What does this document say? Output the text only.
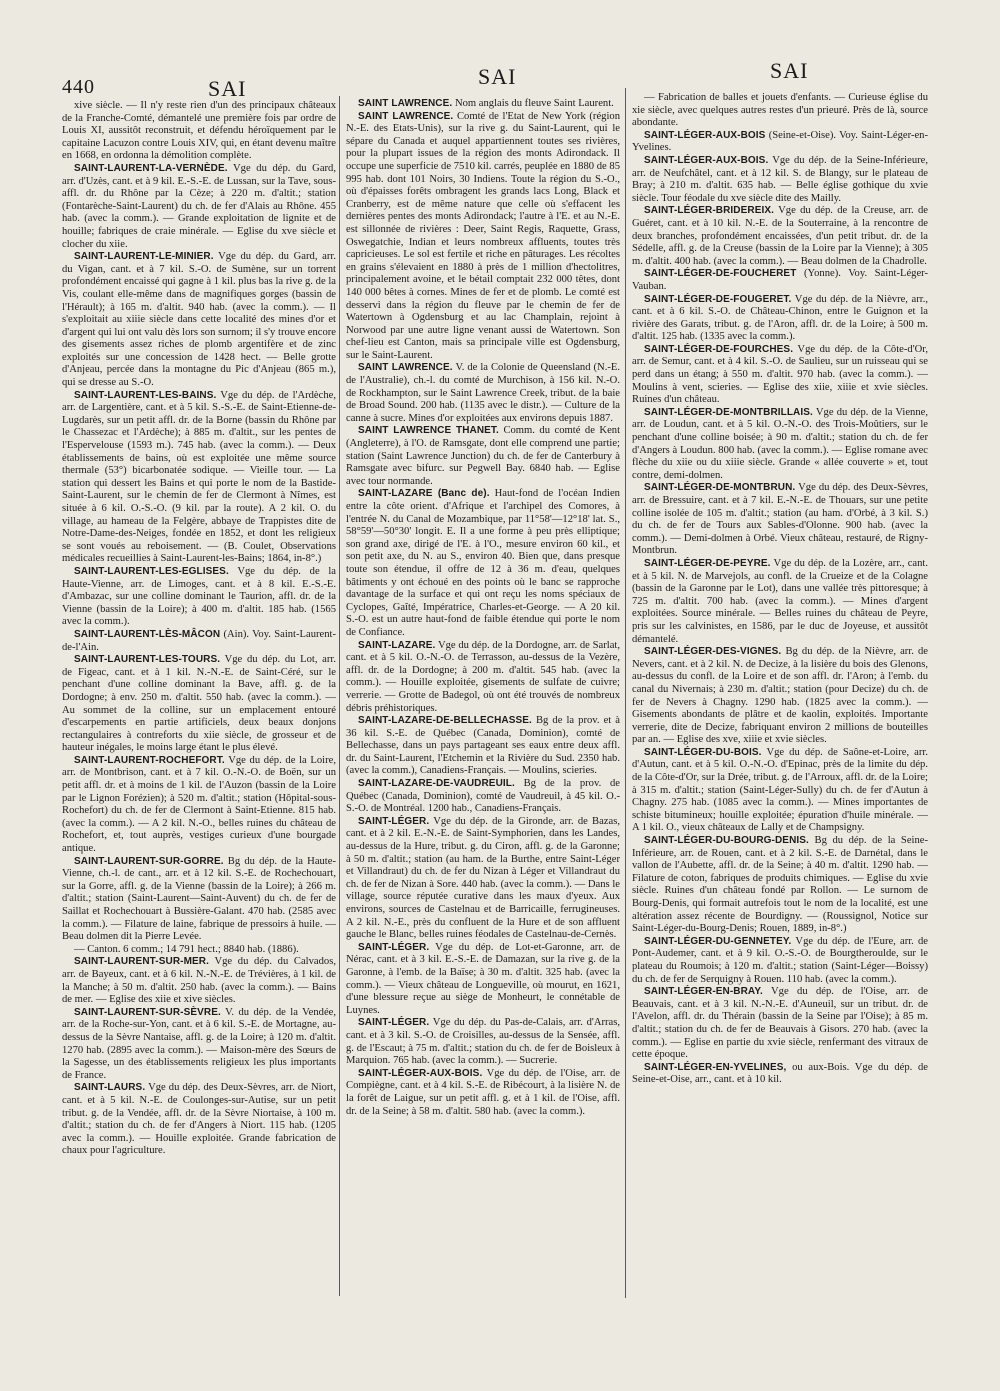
440	SAI	SAI	SAI

xive siècle. — Il n'y reste rien d'un des principaux châteaux de la Franche-Comté, démantelé une première fois par ordre de Louis XI, aussitôt reconstruit, et défendu héroïquement par le capitaine Lacuzon contre Louis XIV, qui, en étant devenu maître en 1668, en ordonna la démolition complète.

SAINT-LAURENT-LA-VERNÈDE. Vge du dép. du Gard, arr. d'Uzès, cant. et à 9 kil. E.-S.-E. de Lussan, sur la Tave, sous-affl. dr. du Rhône par la Cèze; à 220 m. d'altit.; station (Fontarèche-Saint-Laurent) du ch. de fer d'Alais au Rhône. 455 hab. (avec la comm.). — Grande exploitation de lignite et de houille; fabriques de craie minérale. — Eglise du xve siècle et clocher du xiie.

SAINT-LAURENT-LE-MINIER. Vge du dép. du Gard, arr. du Vigan, cant. et à 7 kil. S.-O. de Sumène, sur un torrent profondément encaissé qui gagne à 1 kil. plus bas la rive g. de la Vis, coulant elle-même dans de magnifiques gorges (bassin de l'Hérault); à 165 m. d'altit. 940 hab. (avec la comm.). — Il s'exploitait au xiiie siècle dans cette localité des mines d'or et d'argent qui lui ont valu dès lors son surnom; il s'y trouve encore des gisements assez riches de plomb argentifère et de zinc exploités sur une concession de 1428 hect. — Belle grotte d'Anjeau, percée dans la montagne du Pic d'Anjeau (865 m.), qui se dresse au S.-O.

SAINT-LAURENT-LES-BAINS. Vge du dép. de l'Ardèche, arr. de Largentière, cant. et à 5 kil. S.-S.-E. de Saint-Etienne-de-Lugdarès, sur un petit affl. dr. de la Borne (bassin du Rhône par le Chassezac et l'Ardèche); à 885 m. d'altit., sur les pentes de l'Espervelouse (1593 m.). 745 hab. (avec la comm.). — Deux établissements de bains, où est exploitée une même source thermale (53°) bicarbonatée sodique. — Vieille tour. — La station qui dessert les Bains et qui porte le nom de la Bastide-Saint-Laurent, sur le chemin de fer de Clermont à Nîmes, est située à 6 kil. O.-S.-O. (9 kil. par la route). A 2 kil. O. du village, au hameau de la Felgère, abbaye de Trappistes dite de Notre-Dame-des-Neiges, fondée en 1852, et dont les religieux se sont voués au reboisement. — (B. Coulet, Observations médicales recueillies à Saint-Laurent-les-Bains; 1864, in-8°.)

SAINT-LAURENT-LES-EGLISES. Vge du dép. de la Haute-Vienne, arr. de Limoges, cant. et à 8 kil. E.-S.-E. d'Ambazac, sur une colline dominant le Taurion, affl. dr. de la Vienne (bassin de la Loire); à 400 m. d'altit. 185 hab. (1565 avec la comm.).

SAINT-LAURENT-LÈS-MÂCON (Ain). Voy. Saint-Laurent-de-l'Ain.

SAINT-LAURENT-LES-TOURS. Vge du dép. du Lot, arr. de Figeac, cant. et à 1 kil. N.-N.-E. de Saint-Céré, sur le penchant d'une colline dominant la Bave, affl. g. de la Dordogne; à env. 250 m. d'altit. 550 hab. (avec la comm.). — Au sommet de la colline, sur un emplacement entouré d'escarpements en partie artificiels, deux beaux donjons rectangulaires à contreforts du xiie siècle, de grosseur et de hauteur inégales, le moins large étant le plus élevé.

SAINT-LAURENT-ROCHEFORT. Vge du dép. de la Loire, arr. de Montbrison, cant. et à 7 kil. O.-N.-O. de Boën, sur un petit affl. dr. et à moins de 1 kil. de l'Auzon (bassin de la Loire par le Lignon Forézien); à 520 m. d'altit.; station (Hôpital-sous-Rochefort) du ch. de fer de Clermont à Saint-Etienne. 815 hab. (avec la comm.). — A 2 kil. N.-O., belles ruines du château de Rochefort, et, tout auprès, vestiges curieux d'une bourgade antique.

SAINT-LAURENT-SUR-GORRE. Bg du dép. de la Haute-Vienne, ch.-l. de cant., arr. et à 12 kil. S.-E. de Rochechouart, sur la Gorre, affl. g. de la Vienne (bassin de la Loire); à 266 m. d'altit.; station (Saint-Laurent—Saint-Auvent) du ch. de fer de Saillat et Rochechouart à Bussière-Galant. 470 hab. (2585 avec la comm.). — Filature de laine, fabrique de pressoirs à huile. — Beau dolmen dit la Pierre Levée.

— Canton. 6 comm.; 14 791 hect.; 8840 hab. (1886).

SAINT-LAURENT-SUR-MER. Vge du dép. du Calvados, arr. de Bayeux, cant. et à 6 kil. N.-N.-E. de Trévières, à 1 kil. de la Manche; à 50 m. d'altit. 250 hab. (avec la comm.). — Bains de mer. — Eglise des xiie et xive siècles.

SAINT-LAURENT-SUR-SÈVRE. V. du dép. de la Vendée, arr. de la Roche-sur-Yon, cant. et à 6 kil. S.-E. de Mortagne, au-dessus de la Sèvre Nantaise, affl. g. de la Loire; à 120 m. d'altit. 1270 hab. (2895 avec la comm.). — Maison-mère des Sœurs de la Sagesse, un des établissements religieux les plus importants de France.

SAINT-LAURS. Vge du dép. des Deux-Sèvres, arr. de Niort, cant. et à 5 kil. N.-E. de Coulonges-sur-Autise, sur un petit tribut. g. de la Vendée, affl. dr. de la Sèvre Niortaise, à 100 m. d'altit.; station du ch. de fer d'Angers à Niort. 115 hab. (1205 avec la comm.). — Houille exploitée. Grande fabrication de chaux pour l'agriculture.

SAINT LAWRENCE. Nom anglais du fleuve Saint Laurent.

SAINT LAWRENCE. Comté de l'Etat de New York (région N.-E. des Etats-Unis), sur la rive g. du Saint-Laurent, qui le sépare du Canada et auquel appartiennent toutes ses rivières, pour la plupart issues de la région des monts Adirondack. Il occupe une superficie de 7510 kil. carrés, peuplée en 1880 de 85 995 hab. dont 101 Noirs, 30 Indiens. Toute la région du S.-O., où d'épaisses forêts ombragent les grands lacs Long, Black et Cranberry, est de même nature que celle où s'effacent les dernières pentes des monts Adirondack; l'autre à l'E. et au N.-E. est sillonnée de rivières : Deer, Saint Regis, Raquette, Grass, Oswegatchie, Indian et leurs nombreux affluents, toutes très capricieuses. Le sol est fertile et riche en pâturages. Les récoltes en grains s'élevaient en 1880 à près de 1 million d'hectolitres, principalement avoine, et le bétail comptait 232 000 têtes, dont 140 000 bêtes à cornes. Mines de fer et de plomb. Le comté est desservi dans la région du fleuve par le chemin de fer de Watertown à Ogdensburg et au lac Champlain, rejoint à Norwood par une autre ligne venant aussi de Watertown. Son chef-lieu est Canton, mais sa principale ville est Ogdensburg, sur le Saint-Laurent.

SAINT LAWRENCE. V. de la Colonie de Queensland (N.-E. de l'Australie), ch.-l. du comté de Murchison, à 156 kil. N.-O. de Rockhampton, sur le Saint Lawrence Creek, tribut. de la baie de Broad Sound. 200 hab. (1135 avec le distr.). — Culture de la canne à sucre. Mines d'or exploitées aux environs depuis 1887.

SAINT LAWRENCE THANET. Comm. du comté de Kent (Angleterre), à l'O. de Ramsgate, dont elle comprend une partie; station (Saint Lawrence Junction) du ch. de fer de Canterbury à Ramsgate avec bifurc. sur Pegwell Bay. 6840 hab. — Eglise avec tour normande.

SAINT-LAZARE (Banc de). Haut-fond de l'océan Indien entre la côte orient. d'Afrique et l'archipel des Comores, à l'entrée N. du Canal de Mozambique, par 11°58'—12°18' lat. S., 58°59'—50°30' longit. E. Il a une forme à peu près elliptique; son grand axe, dirigé de l'E. à l'O., mesure environ 60 kil., et son petit axe, du N. au S., environ 40. Bien que, dans presque toute son étendue, il offre de 12 à 36 m. d'eau, quelques bâtiments y ont échoué en des points où le banc se rapproche davantage de la surface et qui ont reçu les noms spéciaux de Cyclopes, Gaîté, Impératrice, Charles-et-George. — A 20 kil. S.-O. est un autre haut-fond de faible étendue qui porte le nom de Confiance.

SAINT-LAZARE. Vge du dép. de la Dordogne, arr. de Sarlat, cant. et à 5 kil. O.-N.-O. de Terrasson, au-dessus de la Vezère, affl. dr. de la Dordogne; à 200 m. d'altit. 545 hab. (avec la comm.). — Houille exploitée, gisements de sulfate de cuivre; verrerie. — Grotte de Badegol, où ont été trouvés de nombreux débris préhistoriques.

SAINT-LAZARE-DE-BELLECHASSE. Bg de la prov. et à 36 kil. S.-E. de Québec (Canada, Dominion), comté de Bellechasse, dans un pays partageant ses eaux entre deux affl. dr. du Saint-Laurent, l'Etchemin et la Rivière du Sud. 2350 hab. (avec la comm.), Canadiens-Français. — Moulins, scieries.

SAINT-LAZARE-DE-VAUDREUIL. Bg de la prov. de Québec (Canada, Dominion), comté de Vaudreuil, à 45 kil. O.-S.-O. de Montréal. 1200 hab., Canadiens-Français.

SAINT-LÉGER. Vge du dép. de la Gironde, arr. de Bazas, cant. et à 2 kil. E.-N.-E. de Saint-Symphorien, dans les Landes, au-dessus de la Hure, tribut. g. du Ciron, affl. g. de la Garonne; à 50 m. d'altit.; station (au ham. de la Burthe, entre Saint-Léger et Villandraut) du ch. de fer du Nizan à Léger et Villandraut du ch. de fer de Nizan à Sore. 440 hab. (avec la comm.). — Dans le village, source réputée curative dans les maux d'yeux. Aux environs, sources de Castelnau et de Barricaille, ferrugineuses. A 2 kil. N.-E., près du confluent de la Hure et de son affluent gauche le Blanc, belles ruines féodales de Castelnau-de-Cernès.

SAINT-LÉGER. Vge du dép. de Lot-et-Garonne, arr. de Nérac, cant. et à 3 kil. E.-S.-E. de Damazan, sur la rive g. de la Garonne, à l'emb. de la Baïse; à 30 m. d'altit. 325 hab. (avec la comm.). — Vieux château de Longueville, où mourut, en 1621, d'une blessure reçue au siège de Monheurt, le connétable de Luynes.

SAINT-LÉGER. Vge du dép. du Pas-de-Calais, arr. d'Arras, cant. et à 3 kil. S.-O. de Croisilles, au-dessus de la Sensée, affl. g. de l'Escaut; à 75 m. d'altit.; station du ch. de fer de Boisleux à Marquion. 765 hab. (avec la comm.). — Sucrerie.

SAINT-LÉGER-AUX-BOIS. Vge du dép. de l'Oise, arr. de Compiègne, cant. et à 4 kil. S.-E. de Ribécourt, à la lisière N. de la forêt de Laigue, sur un petit affl. g. et à 1 kil. de l'Oise, affl. dr. de la Seine; à 58 m. d'altit. 580 hab. (avec la comm.).

— Fabrication de balles et jouets d'enfants. — Curieuse église du xie siècle, avec quelques autres restes d'un prieuré. Près de là, source abondante.

SAINT-LÉGER-AUX-BOIS (Seine-et-Oise). Voy. Saint-Léger-en-Yvelines.

SAINT-LÉGER-AUX-BOIS. Vge du dép. de la Seine-Inférieure, arr. de Neufchâtel, cant. et à 12 kil. S. de Blangy, sur le plateau de Bray; à 210 m. d'altit. 635 hab. — Belle église gothique du xvie siècle. Tour féodale du xve siècle dite des Mailly.

SAINT-LÉGER-BRIDEREIX. Vge du dép. de la Creuse, arr. de Guéret, cant. et à 10 kil. N.-E. de la Souterraine, à la rencontre de deux branches, profondément encaissées, d'un petit tribut. dr. de la Sédelle, affl. g. de la Creuse (bassin de la Loire par la Vienne); à 305 m. d'altit. 400 hab. (avec la comm.). — Beau dolmen de la Chadrolle.

SAINT-LÉGER-DE-FOUCHERET (Yonne). Voy. Saint-Léger-Vauban.

SAINT-LÉGER-DE-FOUGERET. Vge du dép. de la Nièvre, arr., cant. et à 6 kil. S.-O. de Château-Chinon, entre le Guignon et la rivière des Garats, tribut. g. de l'Aron, affl. dr. de la Loire; à 500 m. d'altit. 125 hab. (1335 avec la comm.).

SAINT-LÉGER-DE-FOURCHES. Vge du dép. de la Côte-d'Or, arr. de Semur, cant. et à 4 kil. S.-O. de Saulieu, sur un ruisseau qui se perd dans un étang; à 550 m. d'altit. 970 hab. (avec la comm.). — Moulins à vent, scieries. — Eglise des xiie, xiiie et xvie siècles. Ruines d'un château.

SAINT-LÉGER-DE-MONTBRILLAIS. Vge du dép. de la Vienne, arr. de Loudun, cant. et à 5 kil. O.-N.-O. des Trois-Moûtiers, sur le penchant d'une colline boisée; à 90 m. d'altit.; station du ch. de fer d'Angers à Loudun. 800 hab. (avec la comm.). — Eglise romane avec flèche du xiie ou du xiiie siècle. Grande « allée couverte » et, tout contre, demi-dolmen.

SAINT-LÉGER-DE-MONTBRUN. Vge du dép. des Deux-Sèvres, arr. de Bressuire, cant. et à 7 kil. E.-N.-E. de Thouars, sur une petite colline isolée de 105 m. d'altit.; station (au ham. d'Orbé, à 3 kil. S.) du ch. de fer de Tours aux Sables-d'Olonne. 900 hab. (avec la comm.). — Demi-dolmen à Orbé. Vieux château, restauré, de Rigny-Montbrun.

SAINT-LÉGER-DE-PEYRE. Vge du dép. de la Lozère, arr., cant. et à 5 kil. N. de Marvejols, au confl. de la Crueize et de la Colagne (bassin de la Garonne par le Lot), dans une vallée très pittoresque; à 725 m. d'altit. 700 hab. (avec la comm.). — Mines d'argent exploitées. Source minérale. — Belles ruines du château de Peyre, pris sur les calvinistes, en 1586, par le duc de Joyeuse, et aussitôt démantelé.

SAINT-LÉGER-DES-VIGNES. Bg du dép. de la Nièvre, arr. de Nevers, cant. et à 2 kil. N. de Decize, à la lisière du bois des Glenons, au-dessus du confl. de la Loire et de son affl. dr. l'Aron; à l'emb. du canal du Nivernais; à 230 m. d'altit.; station (pour Decize) du ch. de fer de Nevers à Chagny. 1290 hab. (1825 avec la comm.). — Gisements abondants de plâtre et de kaolin, exploités. Importante verrerie, dite de Decize, fabriquant environ 2 millions de bouteilles par an. — Eglise des xve, xiiie et xvie siècles.

SAINT-LÉGER-DU-BOIS. Vge du dép. de Saône-et-Loire, arr. d'Autun, cant. et à 5 kil. O.-N.-O. d'Epinac, près de la limite du dép. de la Côte-d'Or, sur la Drée, tribut. g. de l'Arroux, affl. dr. de la Loire; à 315 m. d'altit.; station (Saint-Léger-Sully) du ch. de fer d'Autun à Chagny. 275 hab. (1085 avec la comm.). — Mines importantes de schiste bitumineux; houille exploitée; épuration d'huile minérale. — A 1 kil. O., vieux châteaux de Lally et de Champsigny.

SAINT-LÉGER-DU-BOURG-DENIS. Bg du dép. de la Seine-Inférieure, arr. de Rouen, cant. et à 2 kil. S.-E. de Darnétal, dans le vallon de l'Aubette, affl. dr. de la Seine; à 40 m. d'altit. 1290 hab. — Filature de coton, fabriques de produits chimiques. — Eglise du xvie siècle. Ruines d'un château fondé par Rollon. — Le surnom de Bourg-Denis, qui formait autrefois tout le nom de la localité, est une altération assez récente de Bourdigny. — (Roussignol, Notice sur Saint-Léger-du-Bourg-Denis; Rouen, 1889, in-8°.)

SAINT-LÉGER-DU-GENNETEY. Vge du dép. de l'Eure, arr. de Pont-Audemer, cant. et à 9 kil. O.-S.-O. de Bourgtheroulde, sur le plateau du Roumois; à 120 m. d'altit.; station (Saint-Léger—Boissy) du ch. de fer de Serquigny à Rouen. 110 hab. (avec la comm.).

SAINT-LÉGER-EN-BRAY. Vge du dép. de l'Oise, arr. de Beauvais, cant. et à 3 kil. N.-N.-E. d'Auneuil, sur un tribut. dr. de l'Avelon, affl. dr. du Thérain (bassin de la Seine par l'Oise); à 85 m. d'altit.; station du ch. de fer de Beauvais à Gisors. 270 hab. (avec la comm.). — Eglise en partie du xvie siècle, renfermant des vitraux de cette époque.

SAINT-LÉGER-EN-YVELINES, ou aux-Bois. Vge du dép. de Seine-et-Oise, arr., cant. et à 10 kil.
